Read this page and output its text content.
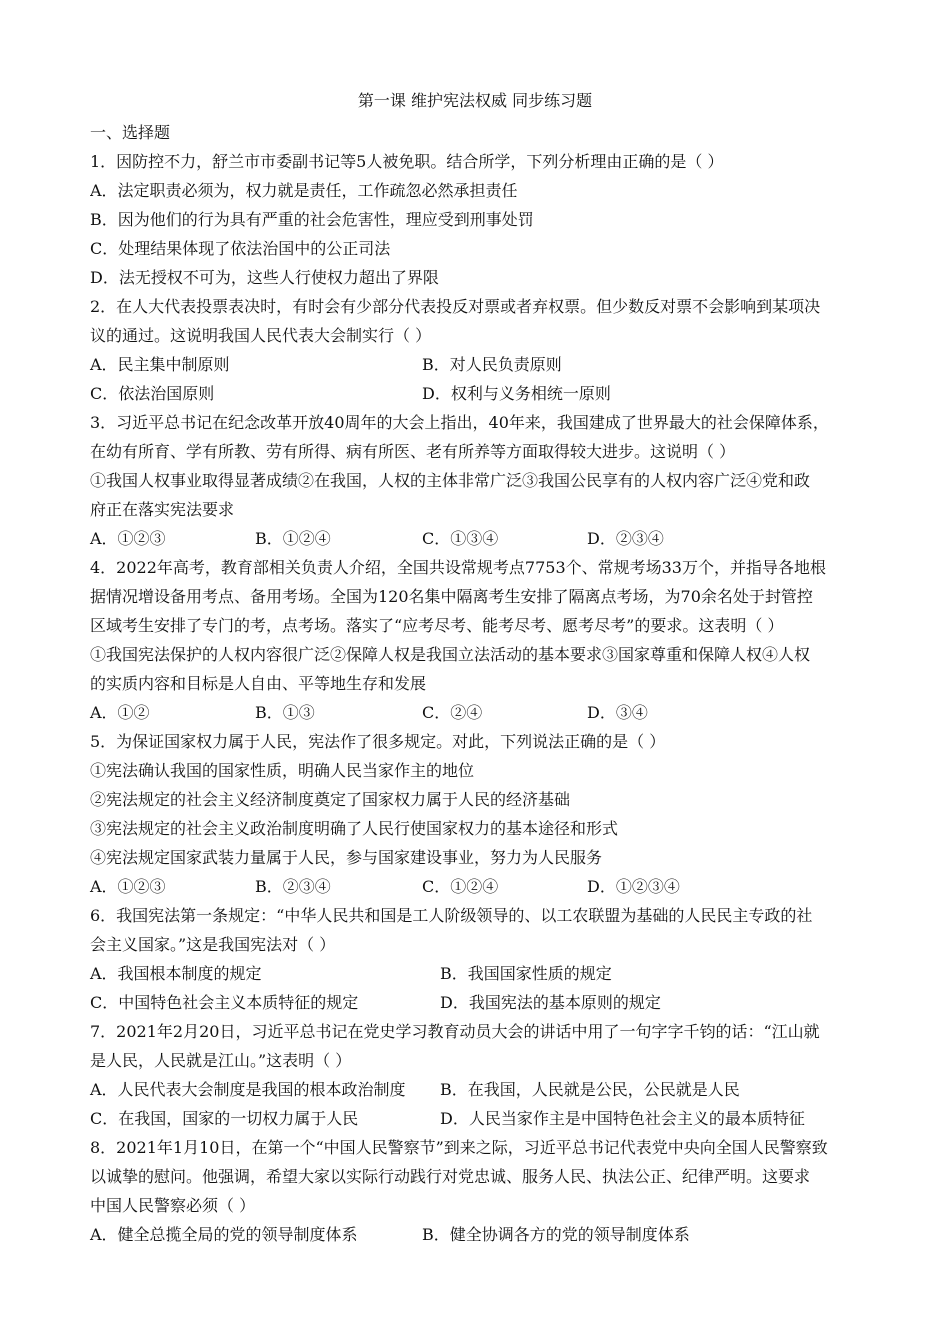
第一课 维护宪法权威 同步练习题
一、选择题
1．因防控不力，舒兰市市委副书记等5人被免职。结合所学，下列分析理由正确的是（ ）
A．法定职责必须为，权力就是责任，工作疏忽必然承担责任
B．因为他们的行为具有严重的社会危害性，理应受到刑事处罚
C．处理结果体现了依法治国中的公正司法
D．法无授权不可为，这些人行使权力超出了界限
2．在人大代表投票表决时，有时会有少部分代表投反对票或者弃权票。但少数反对票不会影响到某项决
议的通过。这说明我国人民代表大会制实行（ ）
A．民主集中制原则	B．对人民负责原则
C．依法治国原则	D．权利与义务相统一原则
3．习近平总书记在纪念改革开放40周年的大会上指出，40年来，我国建成了世界最大的社会保障体系，
在幼有所育、学有所教、劳有所得、病有所医、老有所养等方面取得较大进步。这说明（ ）
①我国人权事业取得显著成绩②在我国，人权的主体非常广泛③我国公民享有的人权内容广泛④党和政
府正在落实宪法要求
A．①②③	B．①②④	C．①③④	D．②③④
4．2022年高考，教育部相关负责人介绍，全国共设常规考点7753个、常规考场33万个，并指导各地根
据情况增设备用考点、备用考场。全国为120名集中隔离考生安排了隔离点考场，为70余名处于封管控
区域考生安排了专门的考，点考场。落实了“应考尽考、能考尽考、愿考尽考”的要求。这表明（ ）
①我国宪法保护的人权内容很广泛②保障人权是我国立法活动的基本要求③国家尊重和保障人权④人权
的实质内容和目标是人自由、平等地生存和发展
A．①②	B．①③	C．②④	D．③④
5．为保证国家权力属于人民，宪法作了很多规定。对此，下列说法正确的是（ ）
①宪法确认我国的国家性质，明确人民当家作主的地位
②宪法规定的社会主义经济制度奠定了国家权力属于人民的经济基础
③宪法规定的社会主义政治制度明确了人民行使国家权力的基本途径和形式
④宪法规定国家武装力量属于人民，参与国家建设事业，努力为人民服务
A．①②③	B．②③④	C．①②④	D．①②③④
6．我国宪法第一条规定：“中华人民共和国是工人阶级领导的、以工农联盟为基础的人民民主专政的社
会主义国家。”这是我国宪法对（ ）
A．我国根本制度的规定	B．我国国家性质的规定
C．中国特色社会主义本质特征的规定	D．我国宪法的基本原则的规定
7．2021年2月20日，习近平总书记在党史学习教育动员大会的讲话中用了一句字字千钧的话：“江山就
是人民，人民就是江山。”这表明（ ）
A．人民代表大会制度是我国的根本政治制度 B．在我国，人民就是公民，公民就是人民
C．在我国，国家的一切权力属于人民	D．人民当家作主是中国特色社会主义的最本质特征
8．2021年1月10日，在第一个“中国人民警察节”到来之际，习近平总书记代表党中央向全国人民警察致
以诚挚的慰问。他强调，希望大家以实际行动践行对党忠诚、服务人民、执法公正、纪律严明。这要求
中国人民警察必须（ ）
A．健全总揽全局的党的领导制度体系	B．健全协调各方的党的领导制度体系
